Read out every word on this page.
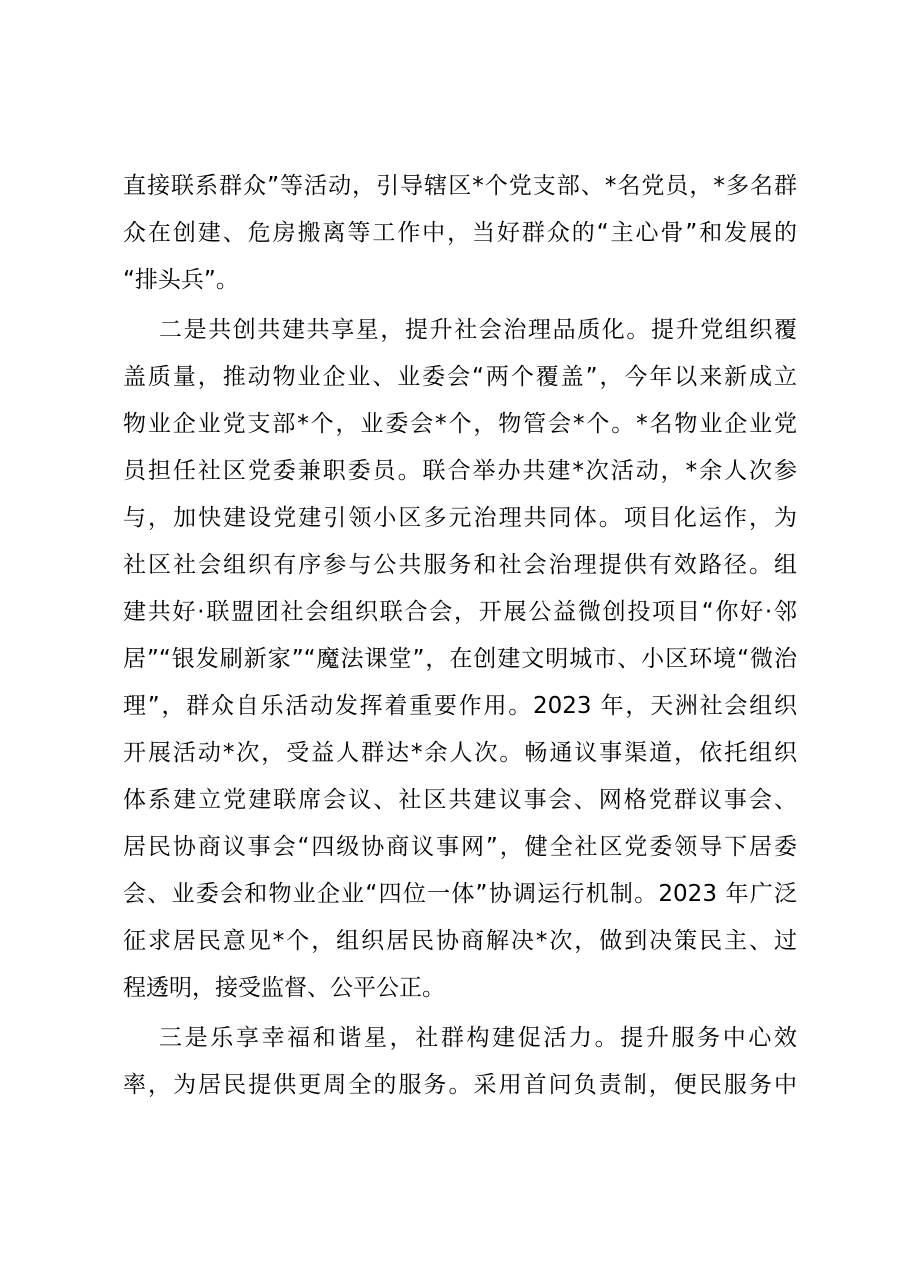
直接联系群众”等活动，引导辖区*个党支部、*名党员，*多名群
众在创建、危房搬离等工作中，当好群众的“主心骨”和发展的
“排头兵”。
二是共创共建共享星，提升社会治理品质化。提升党组织覆
盖质量，推动物业企业、业委会“两个覆盖”，今年以来新成立
物业企业党支部*个，业委会*个，物管会*个。*名物业企业党
员担任社区党委兼职委员。联合举办共建*次活动，*余人次参
与，加快建设党建引领小区多元治理共同体。项目化运作，为
社区社会组织有序参与公共服务和社会治理提供有效路径。组
建共好·联盟团社会组织联合会，开展公益微创投项目“你好·邻
居”“银发刷新家”“魔法课堂”，在创建文明城市、小区环境“微治
理”，群众自乐活动发挥着重要作用。2023 年，天洲社会组织
开展活动*次，受益人群达*余人次。畅通议事渠道，依托组织
体系建立党建联席会议、社区共建议事会、网格党群议事会、
居民协商议事会“四级协商议事网”，健全社区党委领导下居委
会、业委会和物业企业“四位一体”协调运行机制。2023 年广泛
征求居民意见*个，组织居民协商解决*次，做到决策民主、过
程透明，接受监督、公平公正。
三是乐享幸福和谐星，社群构建促活力。提升服务中心效
率，为居民提供更周全的服务。采用首问负责制，便民服务中
